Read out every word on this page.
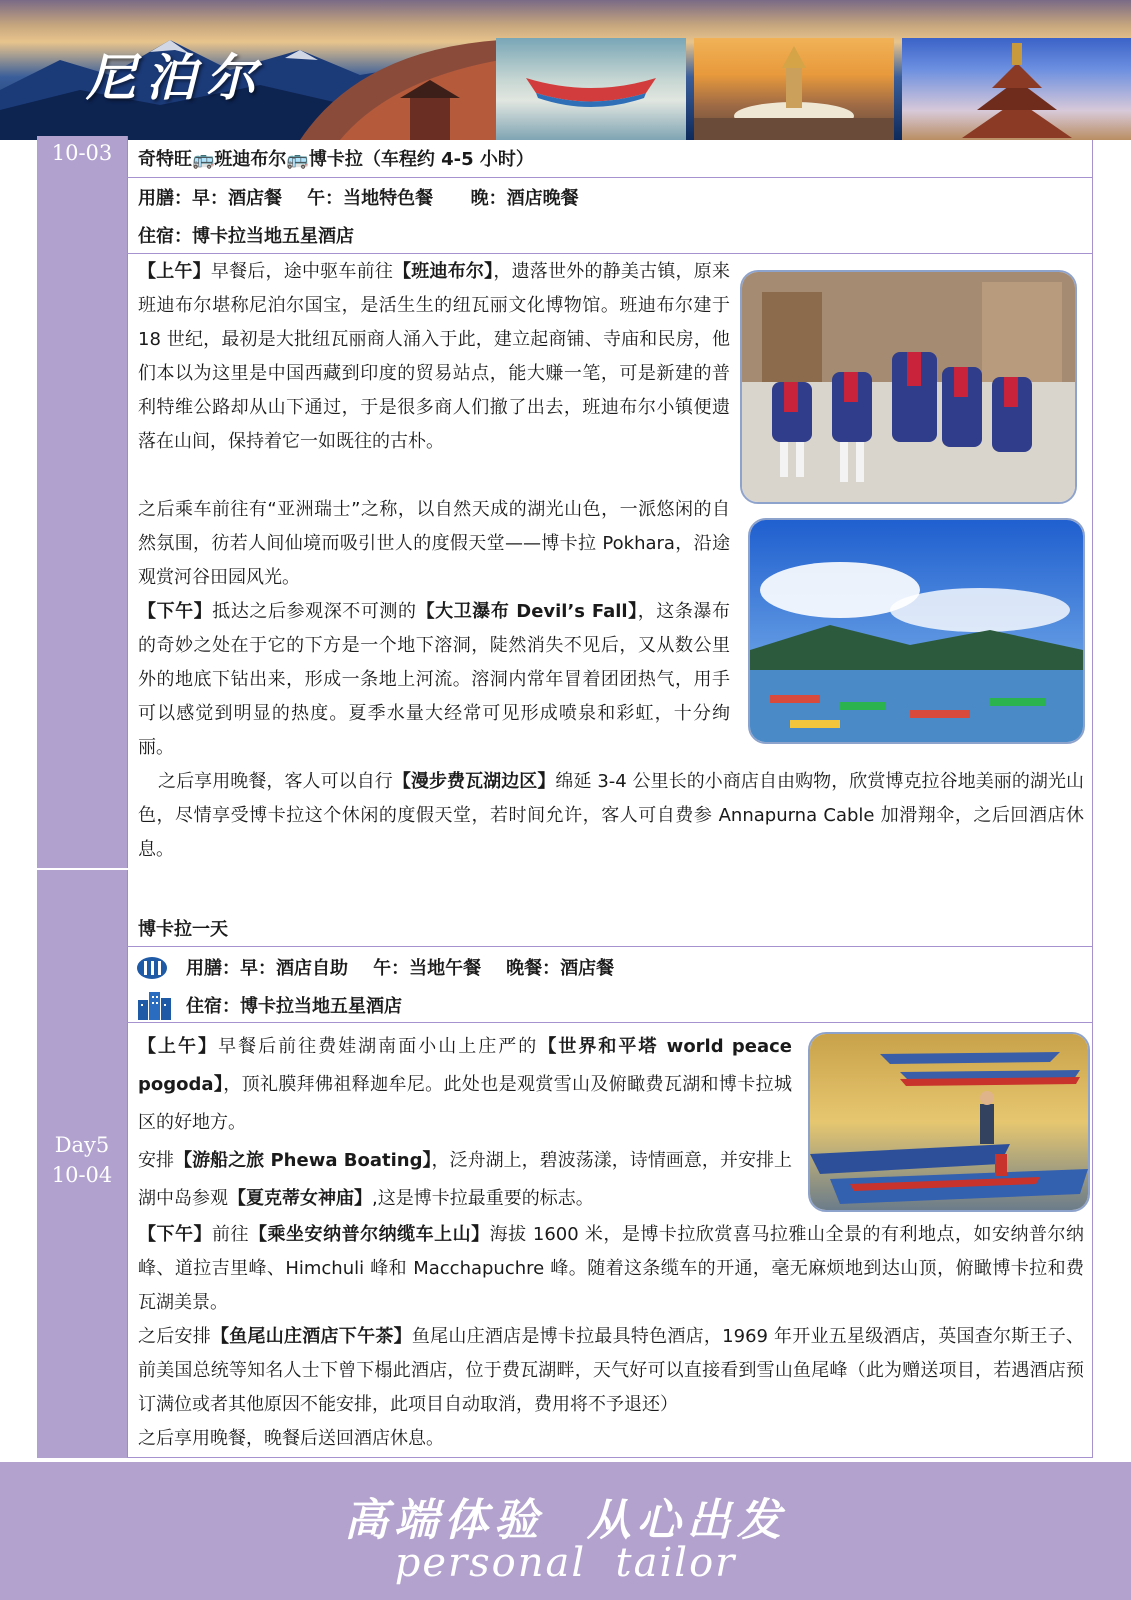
尼泊尔
10-03
Day5
10-04
奇特旺🚌班迪布尔🚌博卡拉（车程约 4-5 小时）
用膳：早：酒店餐    午：当地特色餐      晚：酒店晚餐
住宿：博卡拉当地五星酒店
【上午】早餐后，途中驱车前往【班迪布尔】，遗落世外的静美古镇，原来班迪布尔堪称尼泊尔国宝，是活生生的纽瓦丽文化博物馆。班迪布尔建于 18 世纪，最初是大批纽瓦丽商人涌入于此，建立起商铺、寺庙和民房，他们本以为这里是中国西藏到印度的贸易站点，能大赚一笔，可是新建的普利特维公路却从山下通过，于是很多商人们撤了出去，班迪布尔小镇便遗落在山间，保持着它一如既往的古朴。
之后乘车前往有“亚洲瑞士”之称，以自然天成的湖光山色，一派悠闲的自然氛围，彷若人间仙境而吸引世人的度假天堂——博卡拉 Pokhara，沿途观赏河谷田园风光。
【下午】抵达之后参观深不可测的【大卫瀑布 Devil’s Fall】，这条瀑布的奇妙之处在于它的下方是一个地下溶洞，陡然消失不见后，又从数公里外的地底下钻出来，形成一条地上河流。溶洞内常年冒着团团热气，用手可以感觉到明显的热度。夏季水量大经常可见形成喷泉和彩虹，十分绚丽。
之后享用晚餐，客人可以自行【漫步费瓦湖边区】绵延 3-4 公里长的小商店自由购物，欣赏博克拉谷地美丽的湖光山色，尽情享受博卡拉这个休闲的度假天堂，若时间允许，客人可自费参 Annapurna Cable 加滑翔伞，之后回酒店休息。
博卡拉一天
用膳：早：酒店自助    午：当地午餐    晚餐：酒店餐
住宿：博卡拉当地五星酒店
【上午】早餐后前往费娃湖南面小山上庄严的【世界和平塔 world peace pogoda】，顶礼膜拜佛祖释迦牟尼。此处也是观赏雪山及俯瞰费瓦湖和博卡拉城区的好地方。
安排【游船之旅 Phewa Boating】，泛舟湖上，碧波荡漾，诗情画意，并安排上湖中岛参观【夏克蒂女神庙】,这是博卡拉最重要的标志。
【下午】前往【乘坐安纳普尔纳缆车上山】海拔 1600 米，是博卡拉欣赏喜马拉雅山全景的有利地点，如安纳普尔纳峰、道拉吉里峰、Himchuli 峰和 Macchapuchre 峰。随着这条缆车的开通，毫无麻烦地到达山顶，俯瞰博卡拉和费瓦湖美景。
之后安排【鱼尾山庄酒店下午茶】鱼尾山庄酒店是博卡拉最具特色酒店，1969 年开业五星级酒店，英国查尔斯王子、前美国总统等知名人士下曾下榻此酒店，位于费瓦湖畔，天气好可以直接看到雪山鱼尾峰（此为赠送项目，若遇酒店预订满位或者其他原因不能安排，此项目自动取消，费用将不予退还）
之后享用晚餐，晚餐后送回酒店休息。
高端体验  从心出发
personal  tailor
